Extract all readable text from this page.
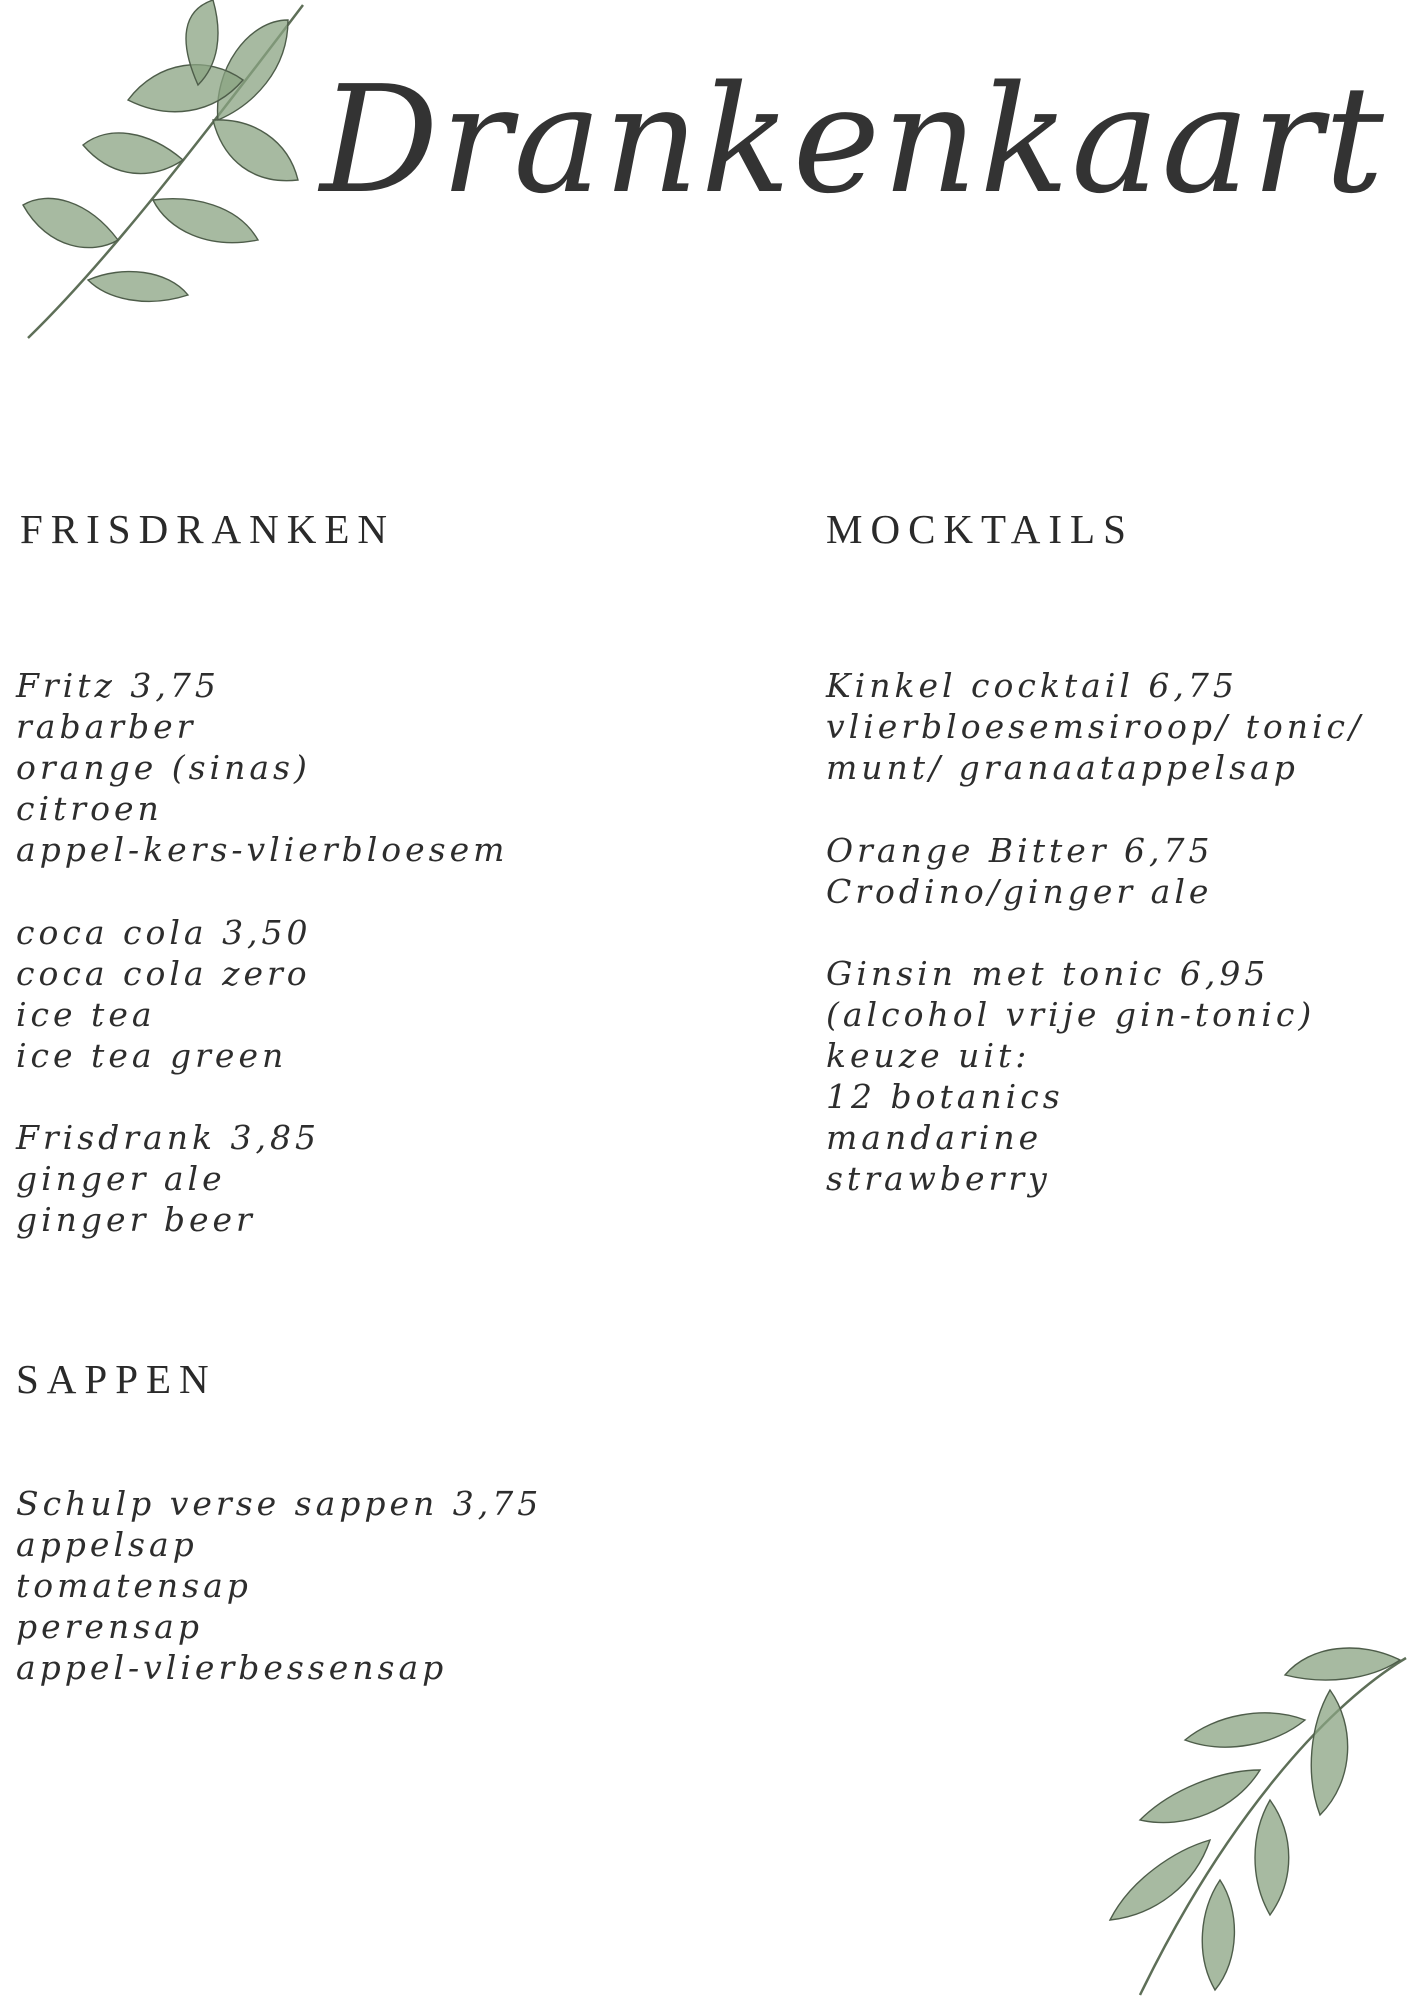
Drankenkaart
FRISDRANKEN
Fritz 3,75
rabarber
orange (sinas)
citroen
appel-kers-vlierbloesem
coca cola 3,50
coca cola zero
ice tea
ice tea green
Frisdrank 3,85
ginger ale
ginger beer
MOCKTAILS
Kinkel cocktail 6,75
vlierbloesemsiroop/ tonic/
munt/ granaatappelsap
Orange Bitter 6,75
Crodino/ginger ale
Ginsin met tonic 6,95
(alcohol vrije gin-tonic)
keuze uit:
12 botanics
mandarine
strawberry
SAPPEN
Schulp verse sappen 3,75
appelsap
tomatensap
perensap
appel-vlierbessensap
